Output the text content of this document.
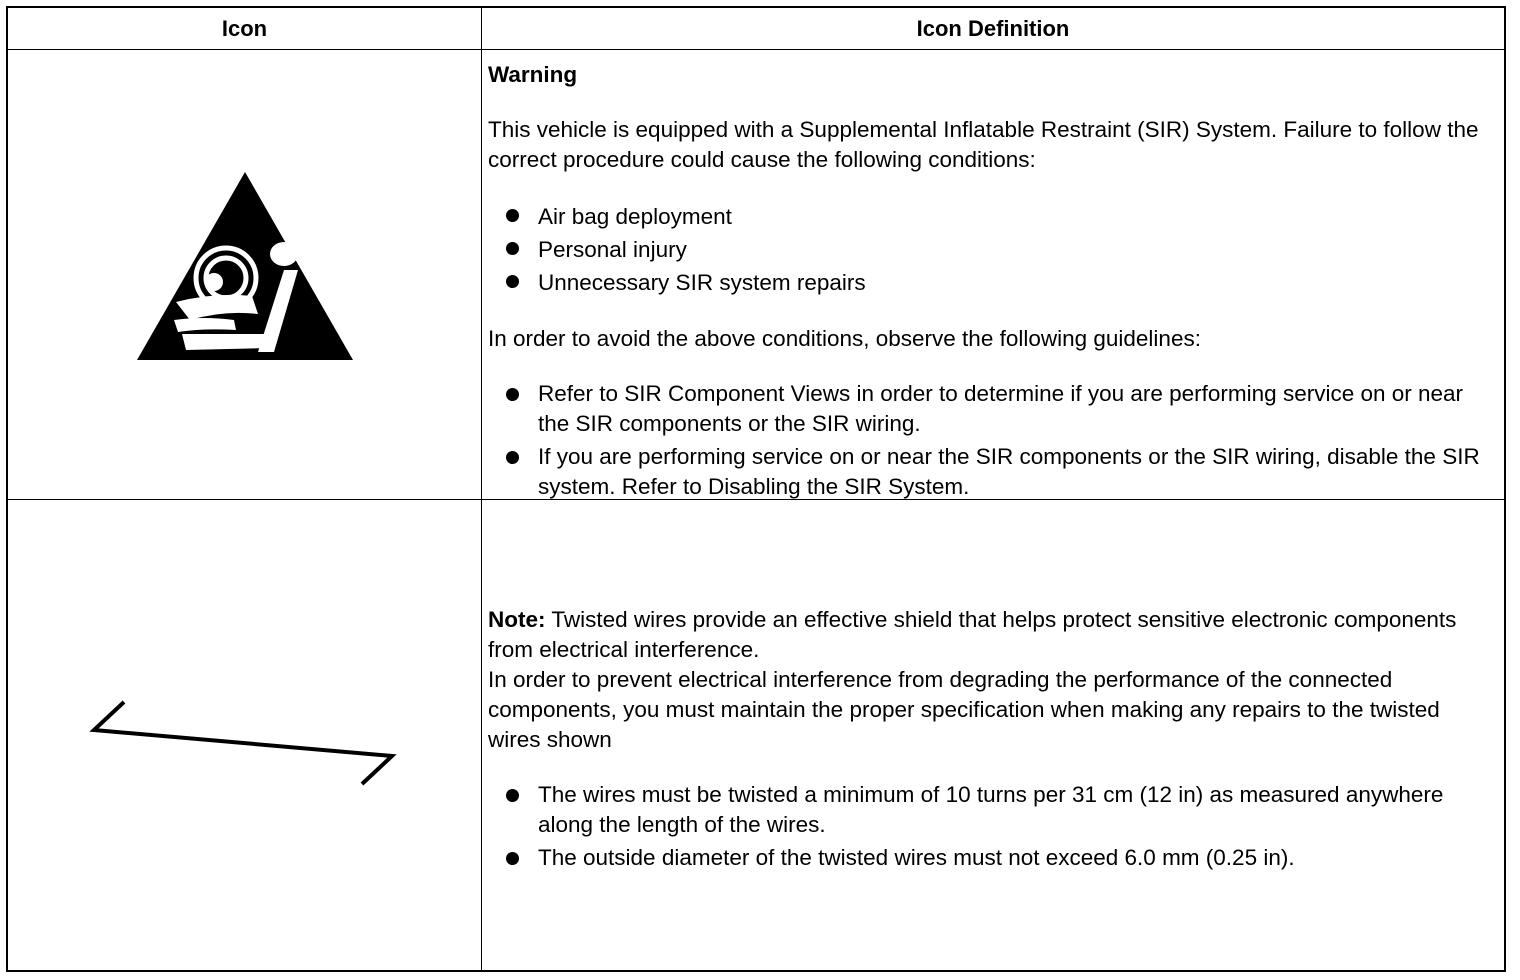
Icon	Icon Definition

Warning

This vehicle is equipped with a Supplemental Inflatable Restraint (SIR) System. Failure to follow the correct procedure could cause the following conditions:

Air bag deployment
Personal injury
Unnecessary SIR system repairs

In order to avoid the above conditions, observe the following guidelines:

Refer to SIR Component Views in order to determine if you are performing service on or near the SIR components or the SIR wiring.
If you are performing service on or near the SIR components or the SIR wiring, disable the SIR system. Refer to Disabling the SIR System.

Note: Twisted wires provide an effective shield that helps protect sensitive electronic components from electrical interference.

In order to prevent electrical interference from degrading the performance of the connected components, you must maintain the proper specification when making any repairs to the twisted wires shown

The wires must be twisted a minimum of 10 turns per 31 cm (12 in) as measured anywhere along the length of the wires.
The outside diameter of the twisted wires must not exceed 6.0 mm (0.25 in).
